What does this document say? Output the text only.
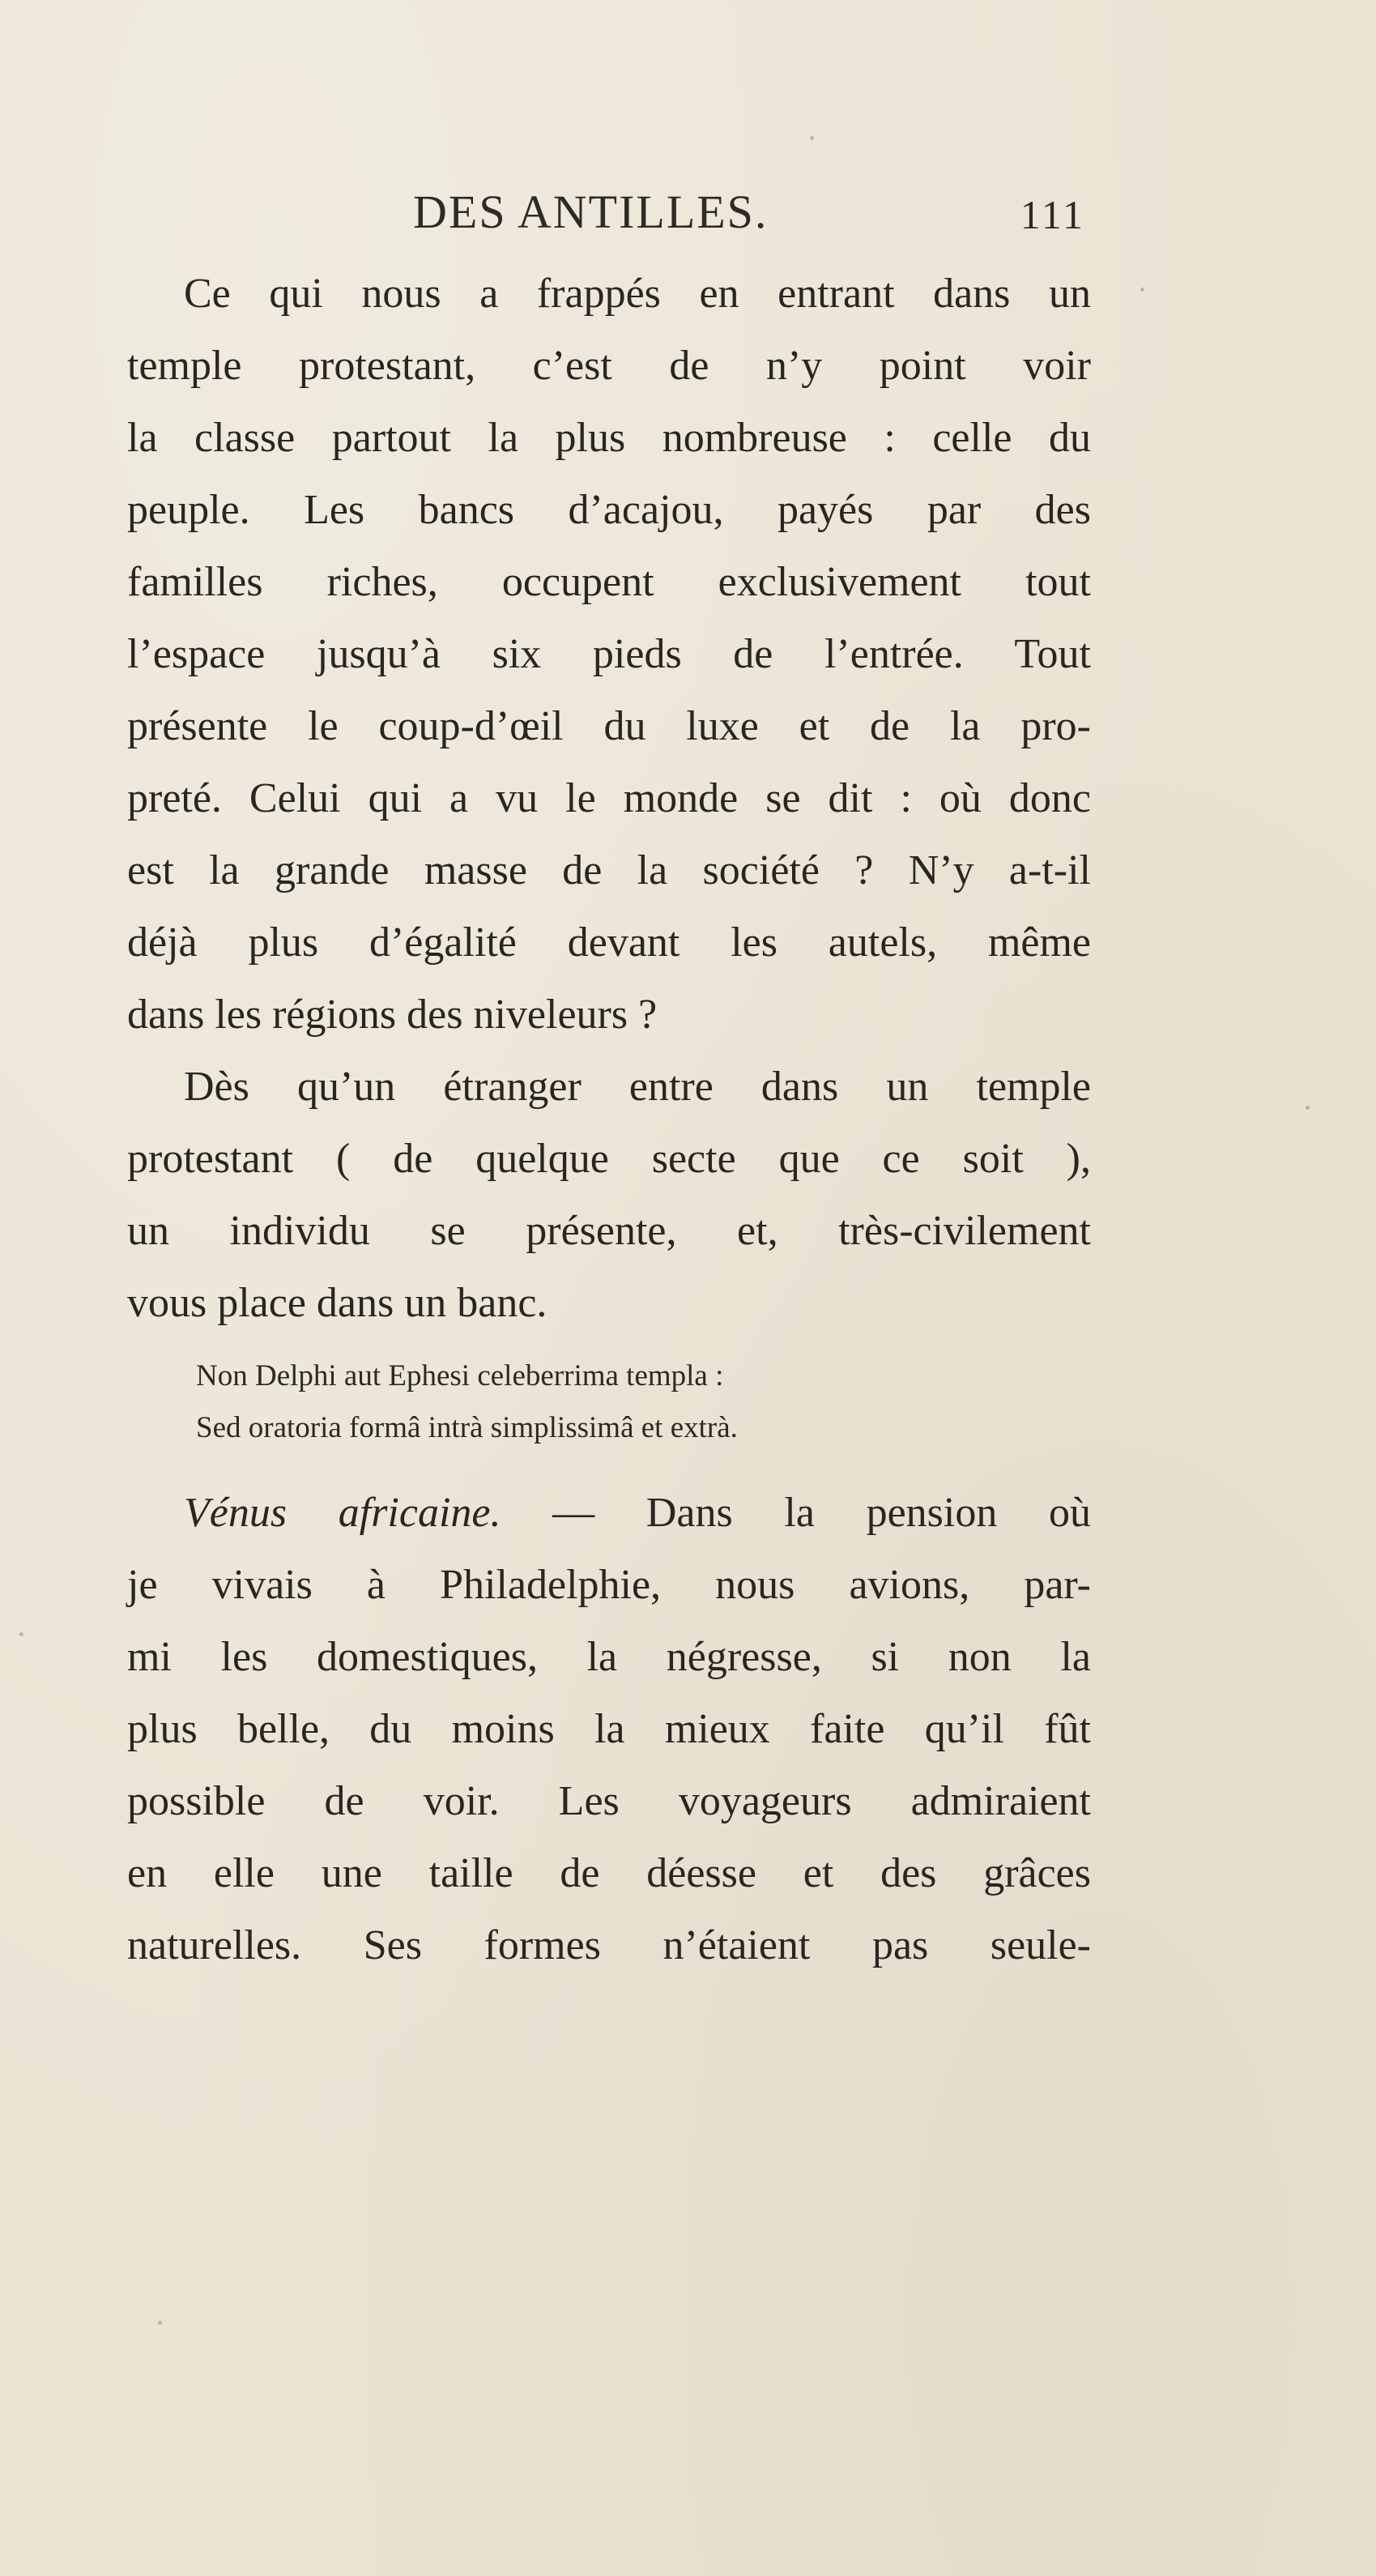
DES ANTILLES.	111
Ce qui nous a frappés en entrant dans un
temple protestant, c’est de n’y point voir
la classe partout la plus nombreuse : celle du
peuple. Les bancs d’acajou, payés par des
familles riches, occupent exclusivement tout
l’espace jusqu’à six pieds de l’entrée. Tout
présente le coup-d’œil du luxe et de la pro-
preté. Celui qui a vu le monde se dit : où donc
est la grande masse de la société ? N’y a-t-il
déjà plus d’égalité devant les autels, même
dans les régions des niveleurs ?
Dès qu’un étranger entre dans un temple
protestant ( de quelque secte que ce soit ),
un individu se présente, et, très-civilement
vous place dans un banc.
Non Delphi aut Ephesi celeberrima templa :
Sed oratoria formâ intrà simplissimâ et extrà.
Vénus africaine. — Dans la pension où
je vivais à Philadelphie, nous avions, par-
mi les domestiques, la négresse, si non la
plus belle, du moins la mieux faite qu’il fût
possible de voir. Les voyageurs admiraient
en elle une taille de déesse et des grâces
naturelles. Ses formes n’étaient pas seule-
